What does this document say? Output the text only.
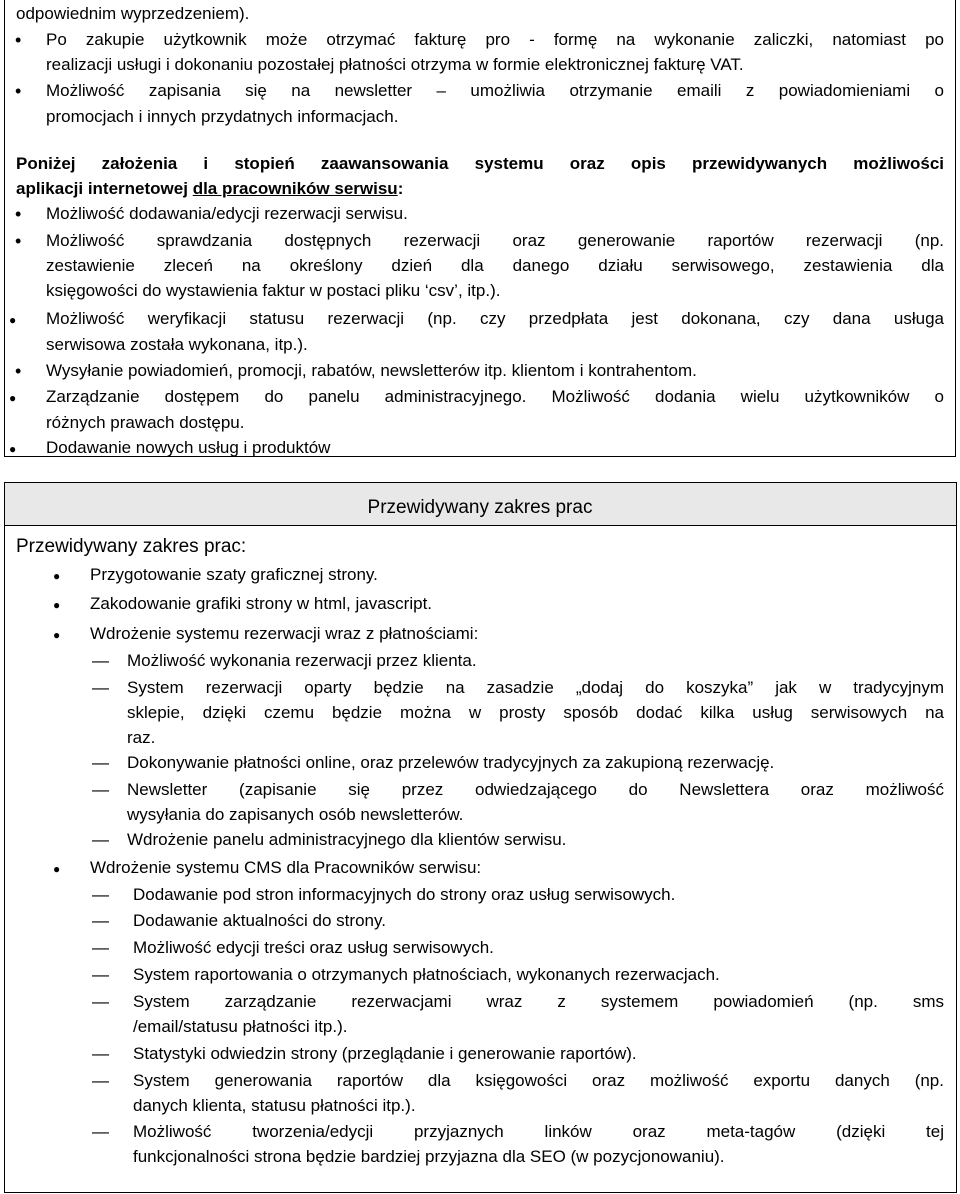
odpowiednim wyprzedzeniem).
• Po zakupie użytkownik może otrzymać fakturę pro - formę na wykonanie zaliczki, natomiast po
realizacji usługi i dokonaniu pozostałej płatności otrzyma w formie elektronicznej fakturę VAT.
• Możliwość zapisania się na newsletter – umożliwia otrzymanie emaili z powiadomieniami o
promocjach i innych przydatnych informacjach.
Poniżej założenia i stopień zaawansowania systemu oraz opis przewidywanych możliwości
aplikacji internetowej dla pracowników serwisu:
• Możliwość dodawania/edycji rezerwacji serwisu.
• Możliwość sprawdzania dostępnych rezerwacji oraz generowanie raportów rezerwacji (np.
zestawienie zleceń na określony dzień dla danego działu serwisowego, zestawienia dla
księgowości do wystawienia faktur w postaci pliku ‘csv’, itp.).
● Możliwość weryfikacji statusu rezerwacji (np. czy przedpłata jest dokonana, czy dana usługa
serwisowa została wykonana, itp.).
• Wysyłanie powiadomień, promocji, rabatów, newsletterów itp. klientom i kontrahentom.
● Zarządzanie dostępem do panelu administracyjnego. Możliwość dodania wielu użytkowników o
różnych prawach dostępu.
● Dodawanie nowych usług i produktów
Przewidywany zakres prac
Przewidywany zakres prac:
● Przygotowanie szaty graficznej strony.
● Zakodowanie grafiki strony w html, javascript.
● Wdrożenie systemu rezerwacji wraz z płatnościami:
— Możliwość wykonania rezerwacji przez klienta.
System rezerwacji oparty będzie na zasadzie „dodaj do koszyka” jak w tradycyjnym
—
sklepie, dzięki czemu będzie można w prosty sposób dodać kilka usług serwisowych na
raz.
Dokonywanie płatności online, oraz przelewów tradycyjnych za zakupioną rezerwację.
—
Newsletter (zapisanie się przez odwiedzającego do Newslettera oraz możliwość
—
wysyłania do zapisanych osób newsletterów.
Wdrożenie panelu administracyjnego dla klientów serwisu.
—
● Wdrożenie systemu CMS dla Pracowników serwisu:
Dodawanie pod stron informacyjnych do strony oraz usług serwisowych.
—
Dodawanie aktualności do strony.
—
Możliwość edycji treści oraz usług serwisowych.
—
System raportowania o otrzymanych płatnościach, wykonanych rezerwacjach.
—
System zarządzanie rezerwacjami wraz z systemem powiadomień (np. sms
—
/email/statusu płatności itp.).
Statystyki odwiedzin strony (przeglądanie i generowanie raportów).
—
System generowania raportów dla księgowości oraz możliwość exportu danych (np.
—
danych klienta, statusu płatności itp.).
Możliwość tworzenia/edycji przyjaznych linków oraz meta-tagów (dzięki tej
—
funkcjonalności strona będzie bardziej przyjazna dla SEO (w pozycjonowaniu).
